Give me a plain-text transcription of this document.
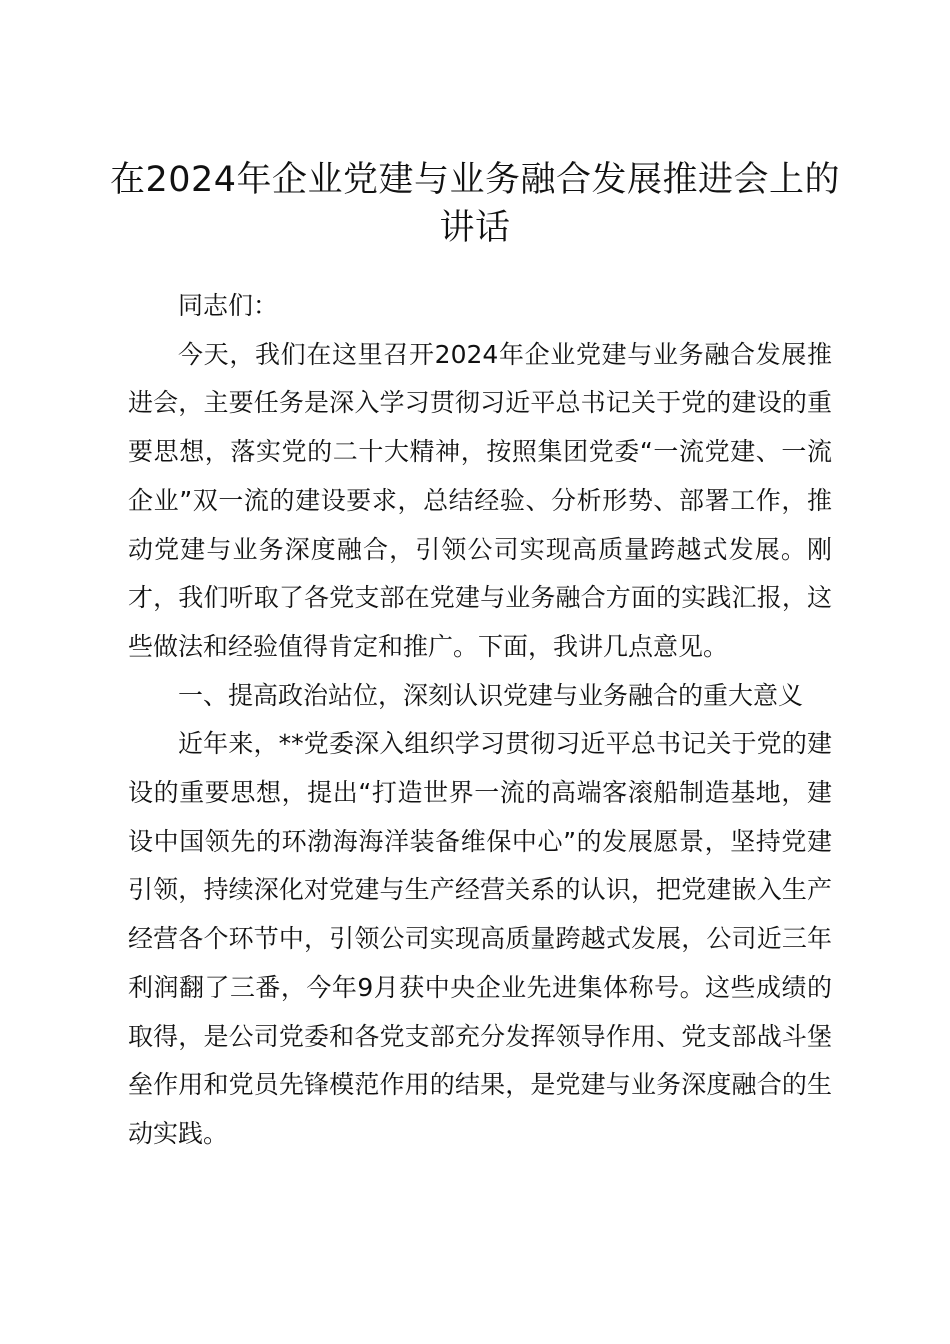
在2024年企业党建与业务融合发展推进会上的讲话

同志们：

今天，我们在这里召开2024年企业党建与业务融合发展推进会，主要任务是深入学习贯彻习近平总书记关于党的建设的重要思想，落实党的二十大精神，按照集团党委“一流党建、一流企业”双一流的建设要求，总结经验、分析形势、部署工作，推动党建与业务深度融合，引领公司实现高质量跨越式发展。刚才，我们听取了各党支部在党建与业务融合方面的实践汇报，这些做法和经验值得肯定和推广。下面，我讲几点意见。

一、提高政治站位，深刻认识党建与业务融合的重大意义

近年来，**党委深入组织学习贯彻习近平总书记关于党的建设的重要思想，提出“打造世界一流的高端客滚船制造基地，建设中国领先的环渤海海洋装备维保中心”的发展愿景，坚持党建引领，持续深化对党建与生产经营关系的认识，把党建嵌入生产经营各个环节中，引领公司实现高质量跨越式发展，公司近三年利润翻了三番，今年9月获中央企业先进集体称号。这些成绩的取得，是公司党委和各党支部充分发挥领导作用、党支部战斗堡垒作用和党员先锋模范作用的结果，是党建与业务深度融合的生动实践。
